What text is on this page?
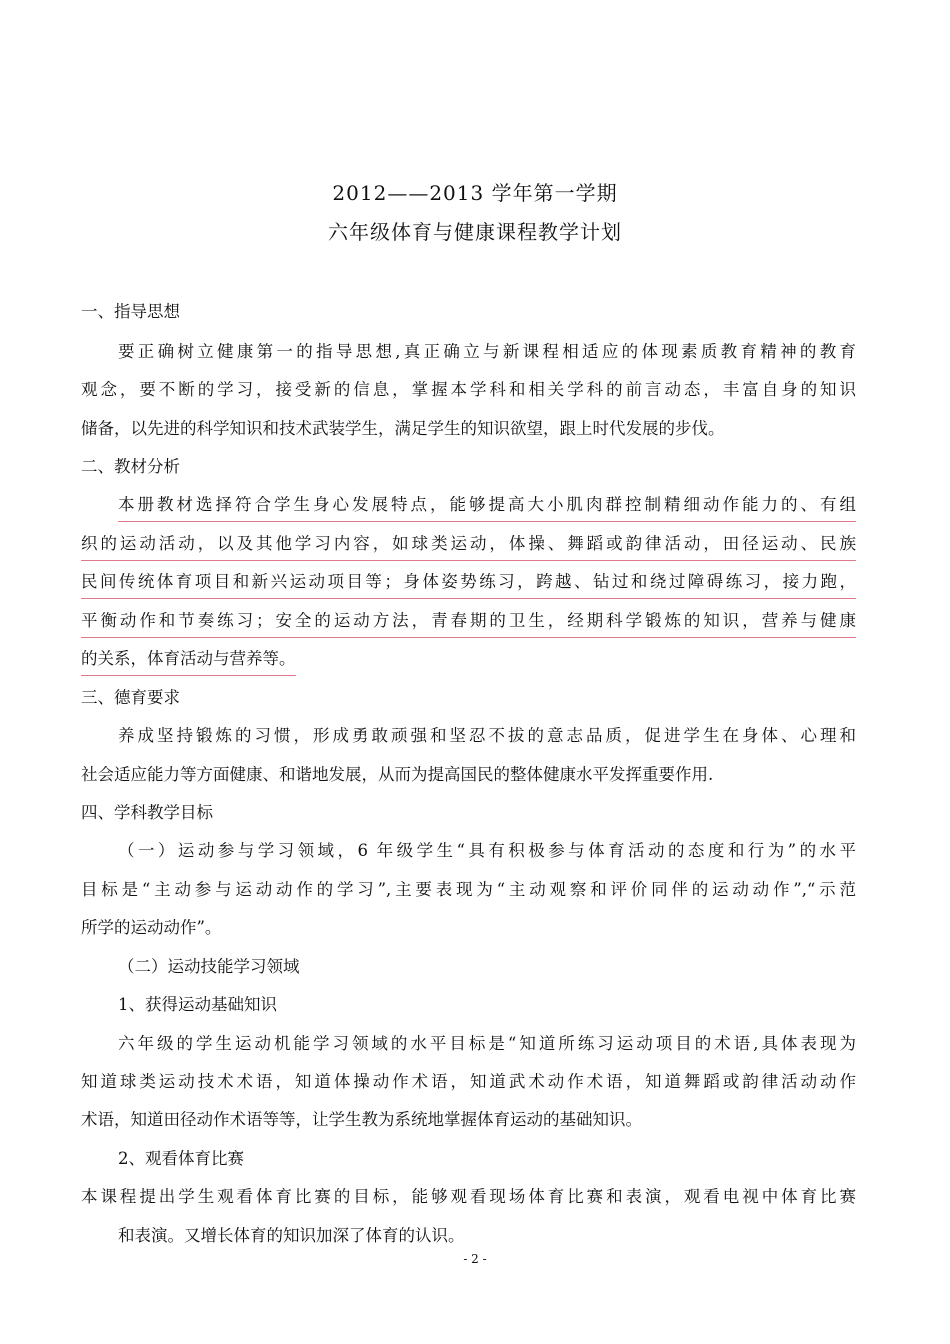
2012——2013 学年第一学期
六年级体育与健康课程教学计划
一、指导思想
要正确树立健康第一的指导思想,真正确立与新课程相适应的体现素质教育精神的教育
观念，要不断的学习，接受新的信息，掌握本学科和相关学科的前言动态，丰富自身的知识
储备，以先进的科学知识和技术武装学生，满足学生的知识欲望，跟上时代发展的步伐。
二、教材分析
本册教材选择符合学生身心发展特点，能够提高大小肌肉群控制精细动作能力的、有组
织的运动活动，以及其他学习内容，如球类运动，体操、舞蹈或韵律活动，田径运动、民族
民间传统体育项目和新兴运动项目等；身体姿势练习，跨越、钻过和绕过障碍练习，接力跑，
平衡动作和节奏练习；安全的运动方法，青春期的卫生，经期科学锻炼的知识，营养与健康
的关系，体育活动与营养等。
三、德育要求
养成坚持锻炼的习惯，形成勇敢顽强和坚忍不拔的意志品质，促进学生在身体、心理和
社会适应能力等方面健康、和谐地发展，从而为提高国民的整体健康水平发挥重要作用.
四、学科教学目标
（一）运动参与学习领域，6 年级学生“具有积极参与体育活动的态度和行为”的水平
目标是“主动参与运动动作的学习”,主要表现为“主动观察和评价同伴的运动动作”,“示范
所学的运动动作”。
（二）运动技能学习领域
1、获得运动基础知识
六年级的学生运动机能学习领域的水平目标是“知道所练习运动项目的术语,具体表现为
知道球类运动技术术语，知道体操动作术语，知道武术动作术语，知道舞蹈或韵律活动动作
术语，知道田径动作术语等等，让学生教为系统地掌握体育运动的基础知识。
2、观看体育比赛
本课程提出学生观看体育比赛的目标，能够观看现场体育比赛和表演，观看电视中体育比赛
和表演。又增长体育的知识加深了体育的认识。
- 2 -
